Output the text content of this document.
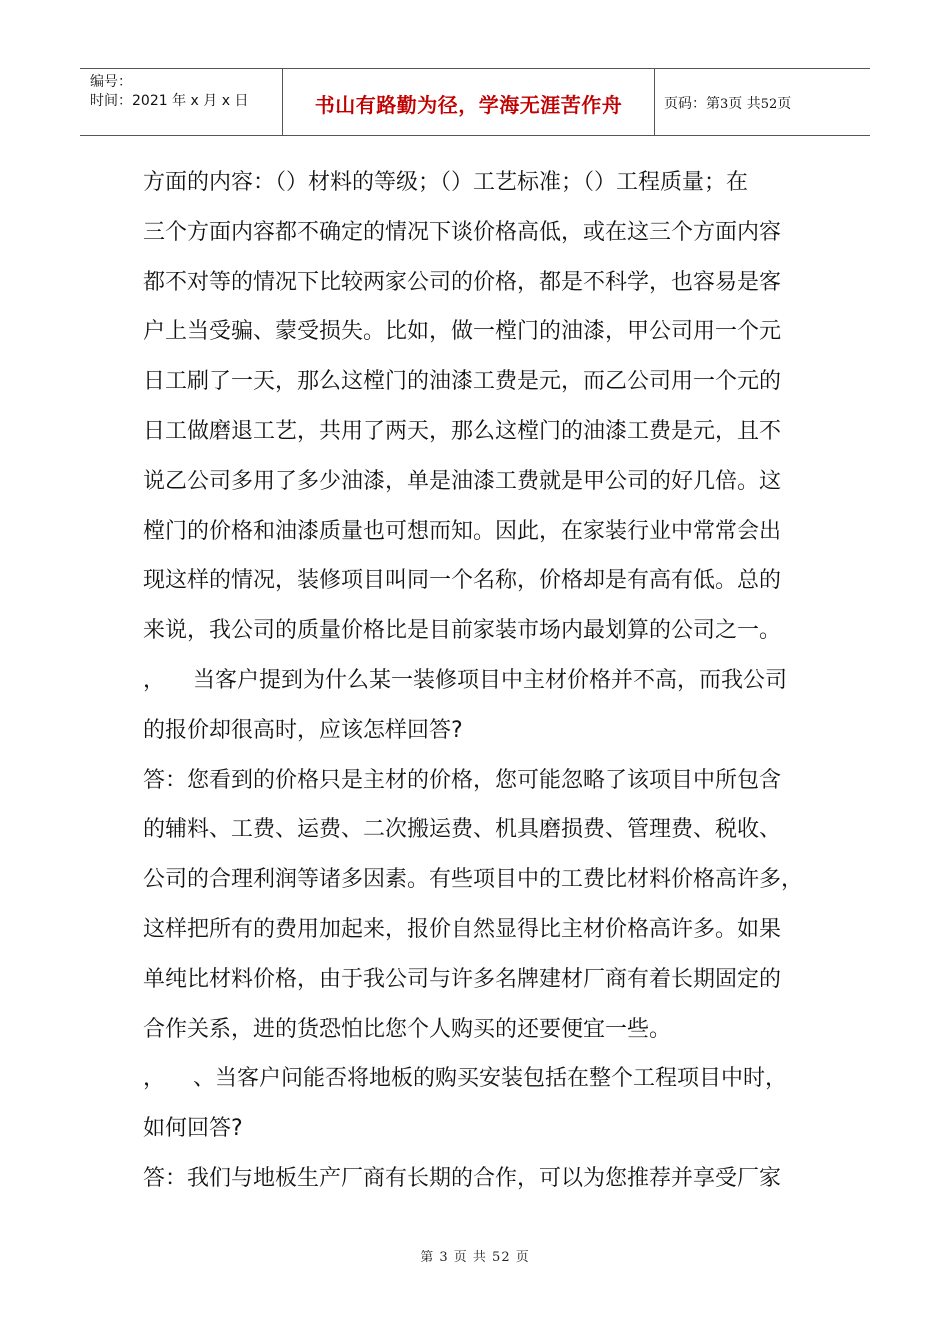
编号：
时间：2021 年 x 月 x 日	书山有路勤为径，学海无涯苦作舟	页码：第3页 共52页
方面的内容：（）材料的等级；（）工艺标准；（）工程质量；在
三个方面内容都不确定的情况下谈价格高低，或在这三个方面内容
都不对等的情况下比较两家公司的价格，都是不科学，也容易是客
户上当受骗、蒙受损失。比如，做一樘门的油漆，甲公司用一个元
日工刷了一天，那么这樘门的油漆工费是元，而乙公司用一个元的
日工做磨退工艺，共用了两天，那么这樘门的油漆工费是元，且不
说乙公司多用了多少油漆，单是油漆工费就是甲公司的好几倍。这
樘门的价格和油漆质量也可想而知。因此，在家装行业中常常会出
现这样的情况，装修项目叫同一个名称，价格却是有高有低。总的
来说，我公司的质量价格比是目前家装市场内最划算的公司之一。
，    当客户提到为什么某一装修项目中主材价格并不高，而我公司
的报价却很高时，应该怎样回答?
答：您看到的价格只是主材的价格，您可能忽略了该项目中所包含
的辅料、工费、运费、二次搬运费、机具磨损费、管理费、税收、
公司的合理利润等诸多因素。有些项目中的工费比材料价格高许多，
这样把所有的费用加起来，报价自然显得比主材价格高许多。如果
单纯比材料价格，由于我公司与许多名牌建材厂商有着长期固定的
合作关系，进的货恐怕比您个人购买的还要便宜一些。
，    、当客户问能否将地板的购买安装包括在整个工程项目中时，
如何回答?
答：我们与地板生产厂商有长期的合作，可以为您推荐并享受厂家
第 3 页 共 52 页
